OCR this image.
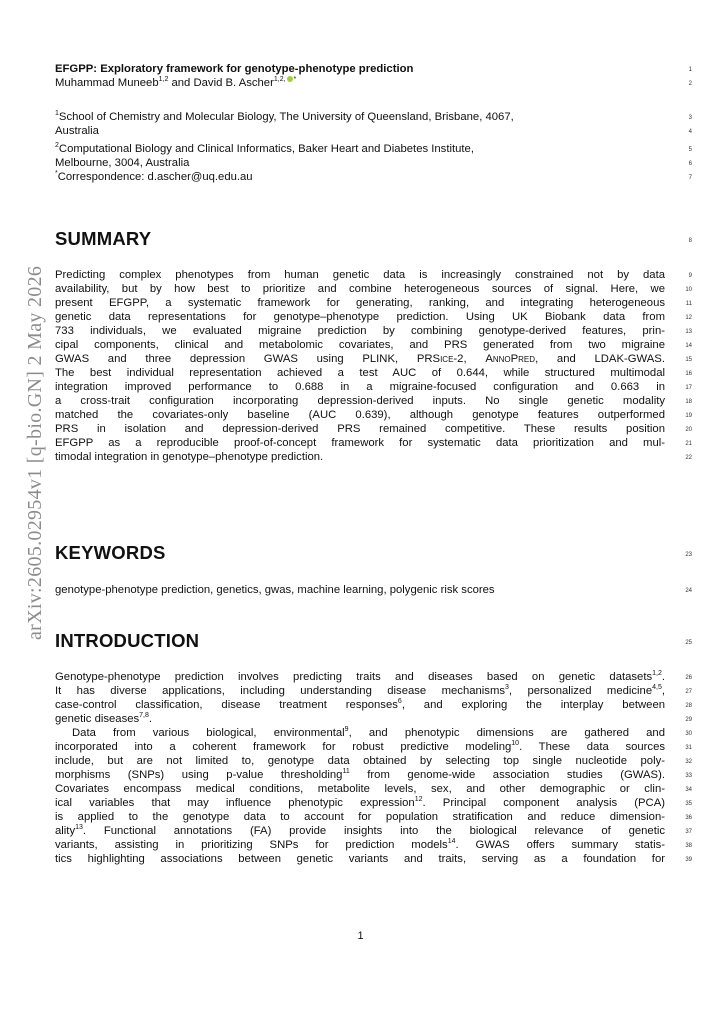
arXiv:2605.02954v1 [q-bio.GN] 2 May 2026
EFGPP: Exploratory framework for genotype-phenotype prediction
Muhammad Muneeb$^{1,2}$ and David B. Ascher$^{1,2,}$ *
$^1$School of Chemistry and Molecular Biology, The University of Queensland, Brisbane, 4067,
Australia
$^2$Computational Biology and Clinical Informatics, Baker Heart and Diabetes Institute,
Melbourne, 3004, Australia
*Correspondence: d.ascher@uq.edu.au
SUMMARY
Predicting complex phenotypes from human genetic data is increasingly constrained not by data
availability, but by how best to prioritize and combine heterogeneous sources of signal. Here, we
present EFGPP, a systematic framework for generating, ranking, and integrating heterogeneous
genetic data representations for genotype–phenotype prediction. Using UK Biobank data from
733 individuals, we evaluated migraine prediction by combining genotype-derived features, prin-
cipal components, clinical and metabolomic covariates, and PRS generated from two migraine
GWAS and three depression GWAS using PLINK, PRSice-2, AnnoPred, and LDAK-GWAS.
The best individual representation achieved a test AUC of 0.644, while structured multimodal
integration improved performance to 0.688 in a migraine-focused configuration and 0.663 in
a cross-trait configuration incorporating depression-derived inputs. No single genetic modality
matched the covariates-only baseline (AUC 0.639), although genotype features outperformed
PRS in isolation and depression-derived PRS remained competitive. These results position
EFGPP as a reproducible proof-of-concept framework for systematic data prioritization and mul-
timodal integration in genotype–phenotype prediction.
KEYWORDS
genotype-phenotype prediction, genetics, gwas, machine learning, polygenic risk scores
INTRODUCTION
Genotype-phenotype prediction involves predicting traits and diseases based on genetic datasets$^{1,2}$.
It has diverse applications, including understanding disease mechanisms$^3$, personalized medicine$^{4,5}$,
case-control classification, disease treatment responses$^6$, and exploring the interplay between
genetic diseases$^{7,8}$.
Data from various biological, environmental$^9$, and phenotypic dimensions are gathered and
incorporated into a coherent framework for robust predictive modeling$^{10}$. These data sources
include, but are not limited to, genotype data obtained by selecting top single nucleotide poly-
morphisms (SNPs) using p-value thresholding$^{11}$ from genome-wide association studies (GWAS).
Covariates encompass medical conditions, metabolite levels, sex, and other demographic or clin-
ical variables that may influence phenotypic expression$^{12}$. Principal component analysis (PCA)
is applied to the genotype data to account for population stratification and reduce dimension-
ality$^{13}$. Functional annotations (FA) provide insights into the biological relevance of genetic
variants, assisting in prioritizing SNPs for prediction models$^{14}$. GWAS offers summary statis-
tics highlighting associations between genetic variants and traits, serving as a foundation for
1
2
3
4
5
6
7
8
9
10
11
12
13
14
15
16
17
18
19
20
21
22
23
24
25
26
27
28
29
30
31
32
33
34
35
36
37
38
39
1
